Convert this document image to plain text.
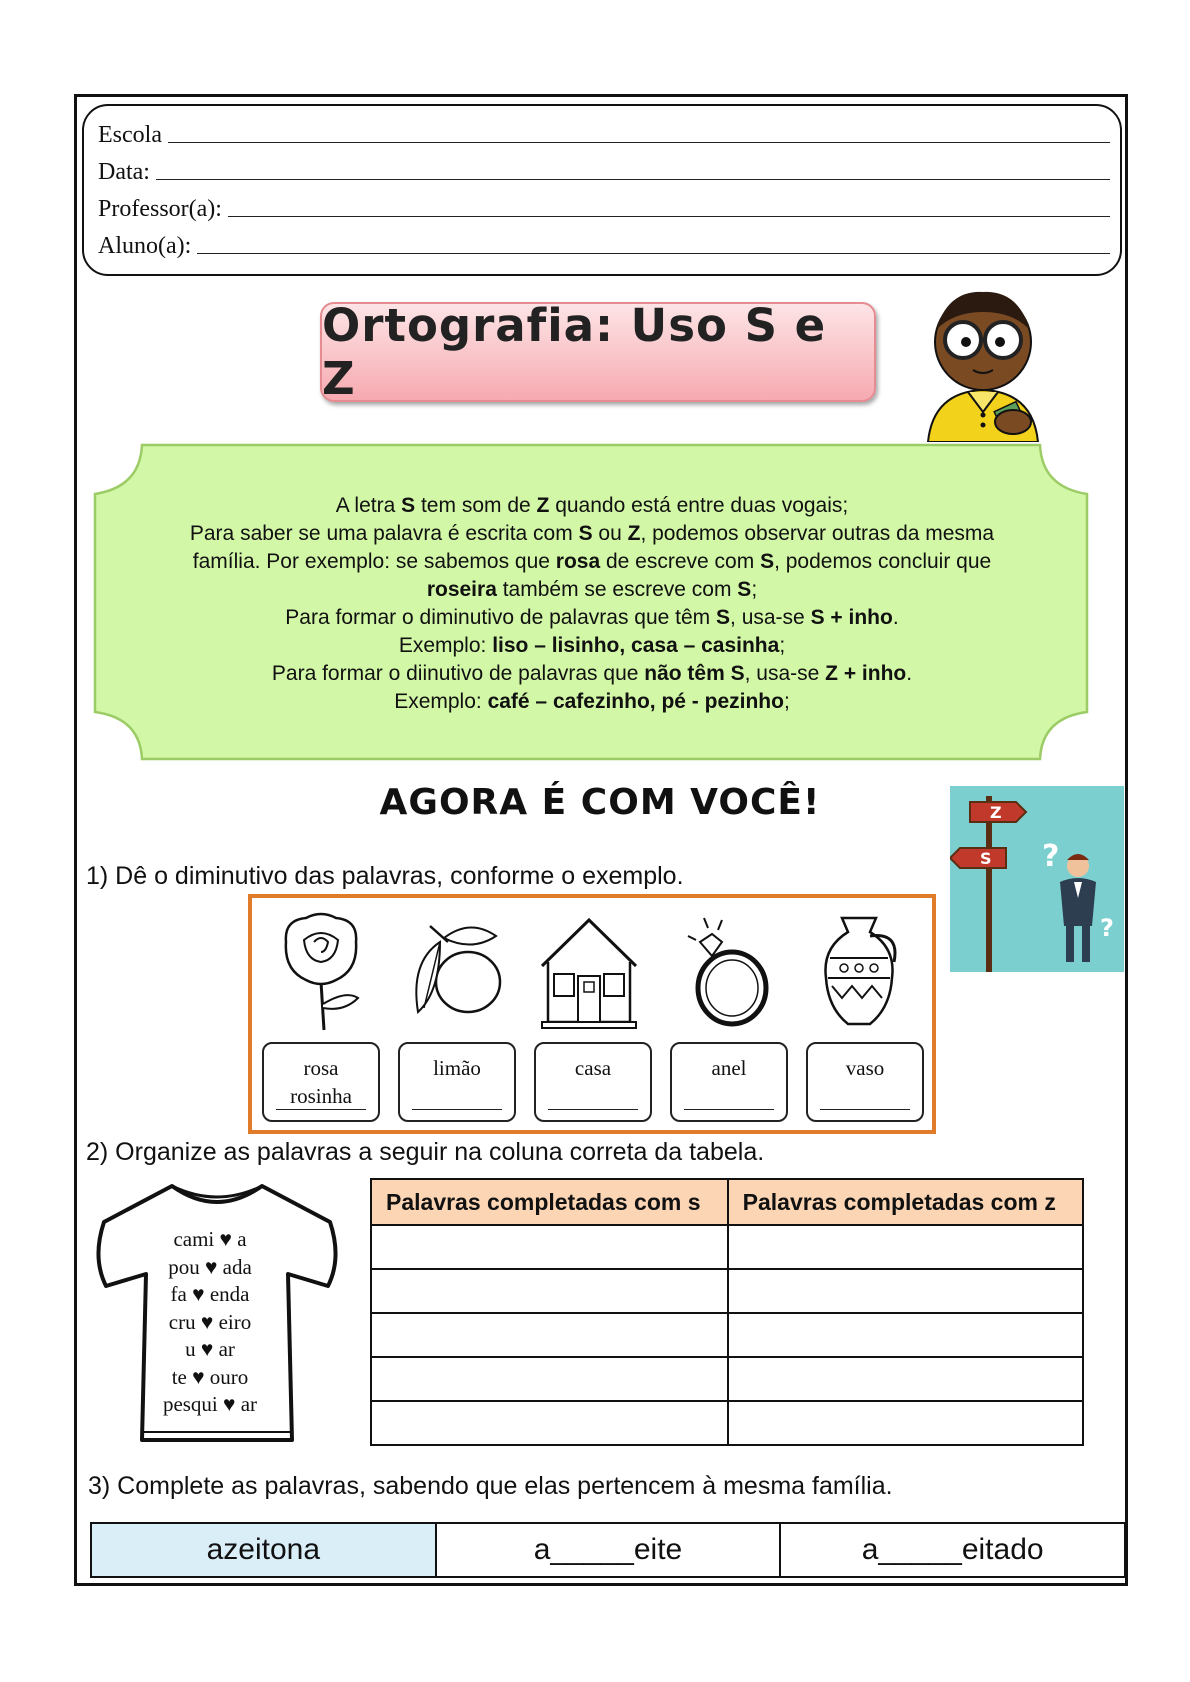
Escola
Data:
Professor(a):
Aluno(a):
Ortografia: Uso S e Z

A letra S tem som de Z quando está entre duas vogais;

Para saber se uma palavra é escrita com S ou Z, podemos observar outras da mesma família. Por exemplo: se sabemos que rosa de escreve com S, podemos concluir que roseira também se escreve com S;

Para formar o diminutivo de palavras que têm S, usa-se S + inho.

Exemplo: liso – lisinho, casa – casinha;

Para formar o diinutivo de palavras que não têm S, usa-se Z + inho.

Exemplo: café – cafezinho, pé - pezinho;

AGORA É COM VOCÊ!	Z
S ?
?
1) Dê o diminutivo das palavras, conforme o exemplo.
rosa
rosinha
limão	casa	anel	vaso
2) Organize as palavras a seguir na coluna correta da tabela.
cami ♥ a
pou ♥ ada
fa ♥ enda
cru ♥ eiro
u ♥ ar
te ♥ ouro
pesqui ♥ ar
Palavras completadas com s	Palavras completadas com z

3) Complete as palavras, sabendo que elas pertencem à mesma família.
azeitona	a_____eite	a_____eitado
